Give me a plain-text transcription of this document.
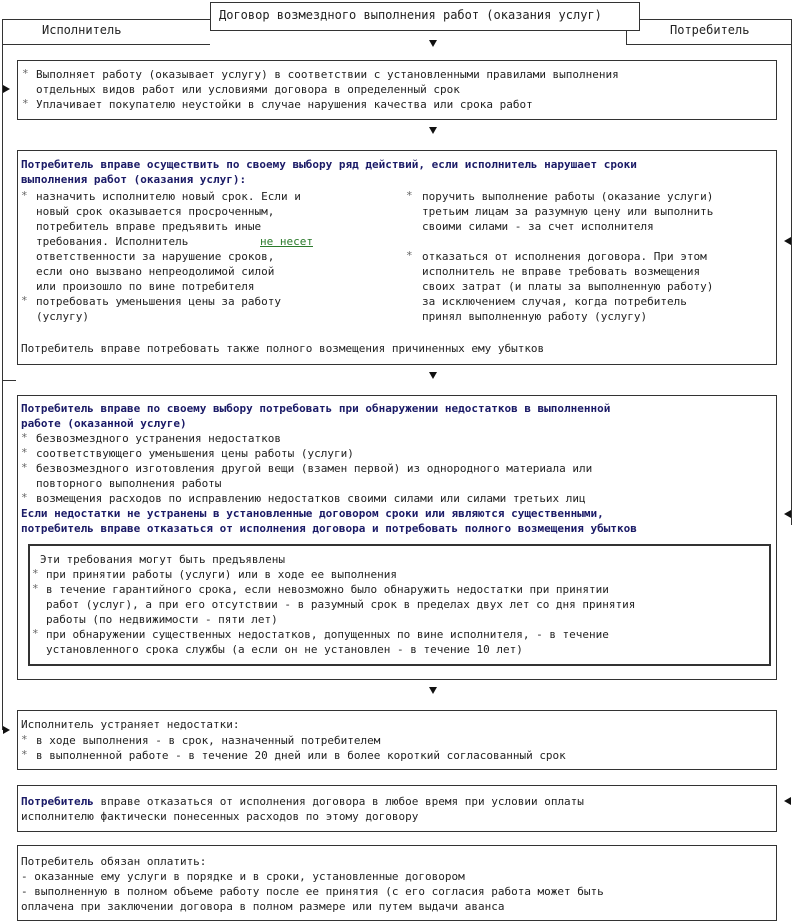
Договор возмездного выполнения работ (оказания услуг)
Исполнитель	Потребитель
* Выполняет работу (оказывает услугу) в соответствии с установленными правилами выполнения
отдельных видов работ или условиями договора в определенный срок
* Уплачивает покупателю неустойки в случае нарушения качества или срока работ
Потребитель вправе осуществить по своему выбору ряд действий, если исполнитель нарушает сроки
выполнения работ (оказания услуг):
* назначить исполнителю новый срок. Если и
новый срок оказывается просроченным,
потребитель вправе предъявить иные
требования. Исполнитель	не несет
ответственности за нарушение сроков,
если оно вызвано непреодолимой силой
или произошло по вине потребителя
* потребовать уменьшения цены за работу
(услугу)
* поручить выполнение работы (оказание услуги)
третьим лицам за разумную цену или выполнить
своими силами - за счет исполнителя
* отказаться от исполнения договора. При этом
исполнитель не вправе требовать возмещения
своих затрат (и платы за выполненную работу)
за исключением случая, когда потребитель
принял выполненную работу (услугу)
Потребитель вправе потребовать также полного возмещения причиненных ему убытков
Потребитель вправе по своему выбору потребовать при обнаружении недостатков в выполненной
работе (оказанной услуге)
* безвозмездного устранения недостатков
* соответствующего уменьшения цены работы (услуги)
* безвозмездного изготовления другой вещи (взамен первой) из однородного материала или
повторного выполнения работы
* возмещения расходов по исправлению недостатков своими силами или силами третьих лиц
Если недостатки не устранены в установленные договором сроки или являются существенными,
потребитель вправе отказаться от исполнения договора и потребовать полного возмещения убытков
Эти требования могут быть предъявлены
* при принятии работы (услуги) или в ходе ее выполнения
* в течение гарантийного срока, если невозможно было обнаружить недостатки при принятии
работ (услуг), а при его отсутствии - в разумный срок в пределах двух лет со дня принятия
работы (по недвижимости - пяти лет)
* при обнаружении существенных недостатков, допущенных по вине исполнителя, - в течение
установленного срока службы (а если он не установлен - в течение 10 лет)
Исполнитель устраняет недостатки:
* в ходе выполнения - в срок, назначенный потребителем
* в выполненной работе - в течение 20 дней или в более короткий согласованный срок
Потребитель вправе отказаться от исполнения договора в любое время при условии оплаты
исполнителю фактически понесенных расходов по этому договору
Потребитель обязан оплатить:
- оказанные ему услуги в порядке и в сроки, установленные договором
- выполненную в полном объеме работу после ее принятия (с его согласия работа может быть
оплачена при заключении договора в полном размере или путем выдачи аванса
